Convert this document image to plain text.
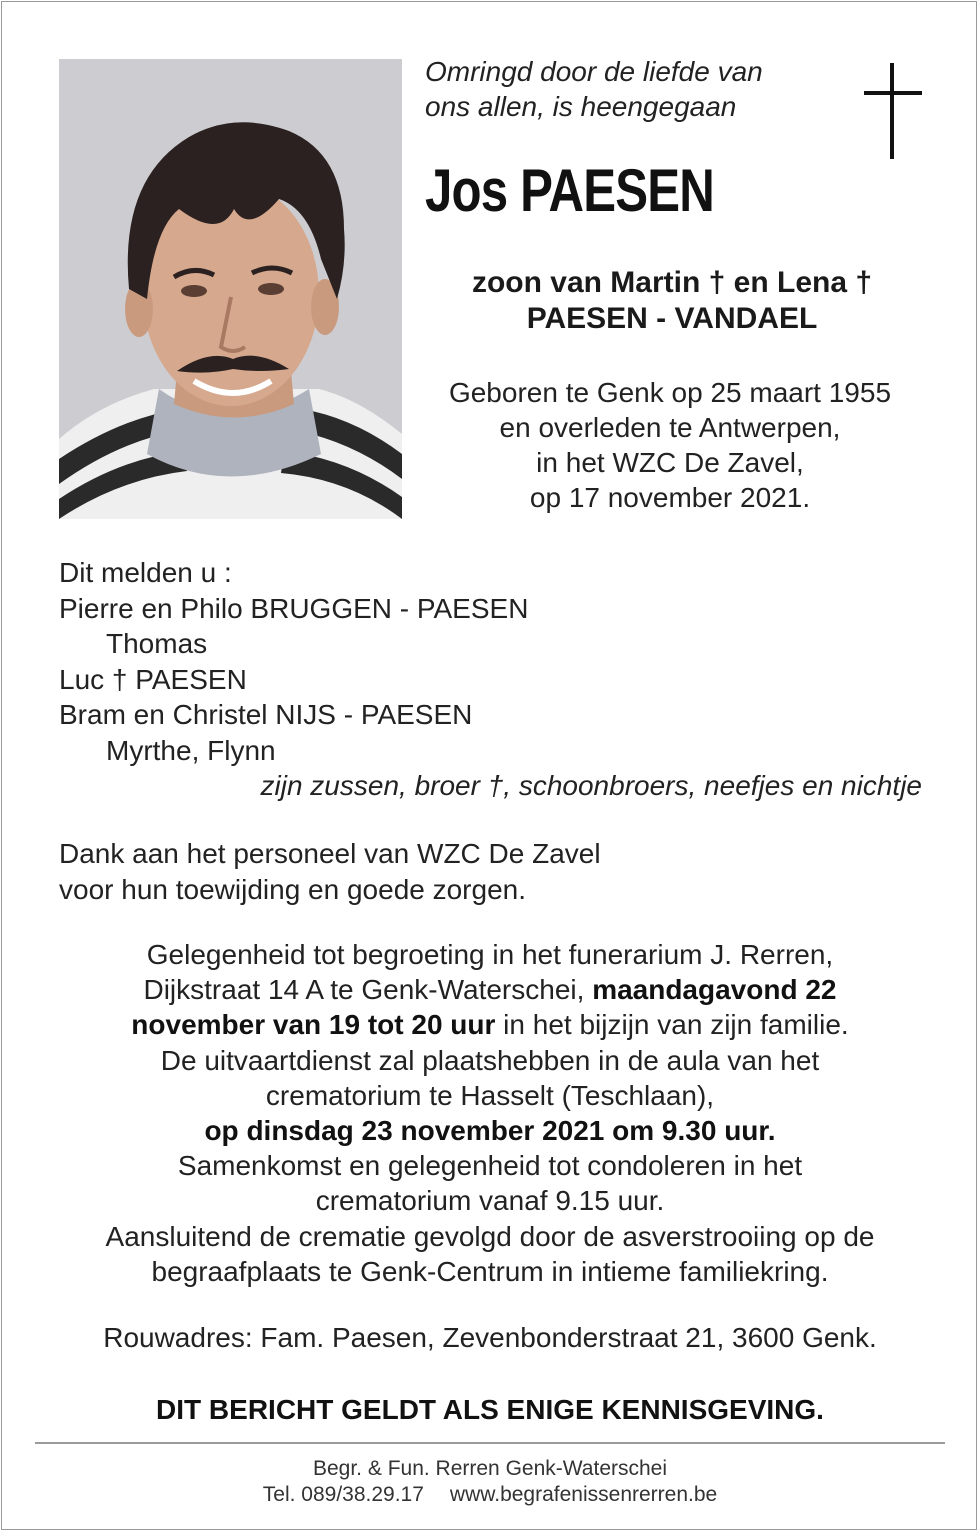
Omringd door de liefde van
ons allen, is heengegaan
Jos PAESEN
zoon van Martin † en Lena †
PAESEN - VANDAEL
Geboren te Genk op 25 maart 1955
en overleden te Antwerpen,
in het WZC De Zavel,
op 17 november 2021.
Dit melden u :
Pierre en Philo BRUGGEN - PAESEN
Thomas
Luc † PAESEN
Bram en Christel NIJS - PAESEN
Myrthe, Flynn
zijn zussen, broer †, schoonbroers, neefjes en nichtje
Dank aan het personeel van WZC De Zavel
voor hun toewijding en goede zorgen.
Gelegenheid tot begroeting in het funerarium J. Rerren,
Dijkstraat 14 A te Genk-Waterschei, maandagavond 22
november van 19 tot 20 uur in het bijzijn van zijn familie.
De uitvaartdienst zal plaatshebben in de aula van het
crematorium te Hasselt (Teschlaan),
op dinsdag 23 november 2021 om 9.30 uur.
Samenkomst en gelegenheid tot condoleren in het
crematorium vanaf 9.15 uur.
Aansluitend de crematie gevolgd door de asverstrooiing op de
begraafplaats te Genk-Centrum in intieme familiekring.
Rouwadres: Fam. Paesen, Zevenbonderstraat 21, 3600 Genk.
DIT BERICHT GELDT ALS ENIGE KENNISGEVING.
Begr. & Fun. Rerren Genk-Waterschei
Tel. 089/38.29.17 www.begrafenissenrerren.be
